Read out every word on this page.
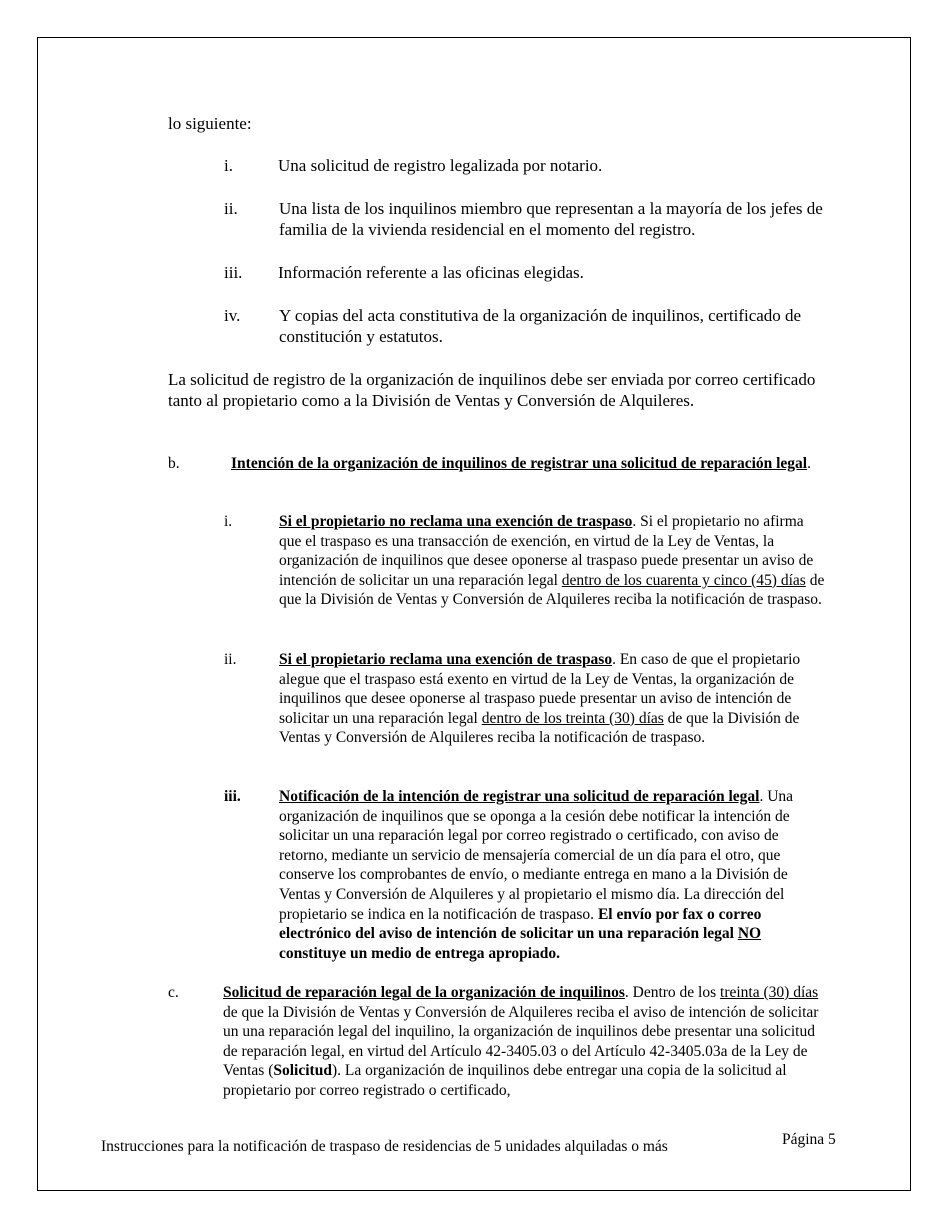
lo siguiente:
i.	Una solicitud de registro legalizada por notario.
ii. Una lista de los inquilinos miembro que representan a la mayoría de los jefes de familia de la vivienda residencial en el momento del registro.
iii. Información referente a las oficinas elegidas.
iv. Y copias del acta constitutiva de la organización de inquilinos, certificado de constitución y estatutos.
La solicitud de registro de la organización de inquilinos debe ser enviada por correo certificado tanto al propietario como a la División de Ventas y Conversión de Alquileres.
b.	Intención de la organización de inquilinos de registrar una solicitud de reparación legal.
i.	Si el propietario no reclama una exención de traspaso. Si el propietario no afirma que el traspaso es una transacción de exención, en virtud de la Ley de Ventas, la organización de inquilinos que desee oponerse al traspaso puede presentar un aviso de intención de solicitar un una reparación legal dentro de los cuarenta y cinco (45) días de que la División de Ventas y Conversión de Alquileres reciba la notificación de traspaso.
ii.	Si el propietario reclama una exención de traspaso. En caso de que el propietario alegue que el traspaso está exento en virtud de la Ley de Ventas, la organización de inquilinos que desee oponerse al traspaso puede presentar un aviso de intención de solicitar un una reparación legal dentro de los treinta (30) días de que la División de Ventas y Conversión de Alquileres reciba la notificación de traspaso.
iii. Notificación de la intención de registrar una solicitud de reparación legal. Una organización de inquilinos que se oponga a la cesión debe notificar la intención de solicitar un una reparación legal por correo registrado o certificado, con aviso de retorno, mediante un servicio de mensajería comercial de un día para el otro, que conserve los comprobantes de envío, o mediante entrega en mano a la División de Ventas y Conversión de Alquileres y al propietario el mismo día. La dirección del propietario se indica en la notificación de traspaso. El envío por fax o correo electrónico del aviso de intención de solicitar un una reparación legal NO constituye un medio de entrega apropiado.
c.	Solicitud de reparación legal de la organización de inquilinos. Dentro de los treinta (30) días de que la División de Ventas y Conversión de Alquileres reciba el aviso de intención de solicitar un una reparación legal del inquilino, la organización de inquilinos debe presentar una solicitud de reparación legal, en virtud del Artículo 42-3405.03 o del Artículo 42-3405.03a de la Ley de Ventas (Solicitud). La organización de inquilinos debe entregar una copia de la solicitud al propietario por correo registrado o certificado,
Instrucciones para la notificación de traspaso de residencias de 5 unidades alquiladas o más	Página 5
